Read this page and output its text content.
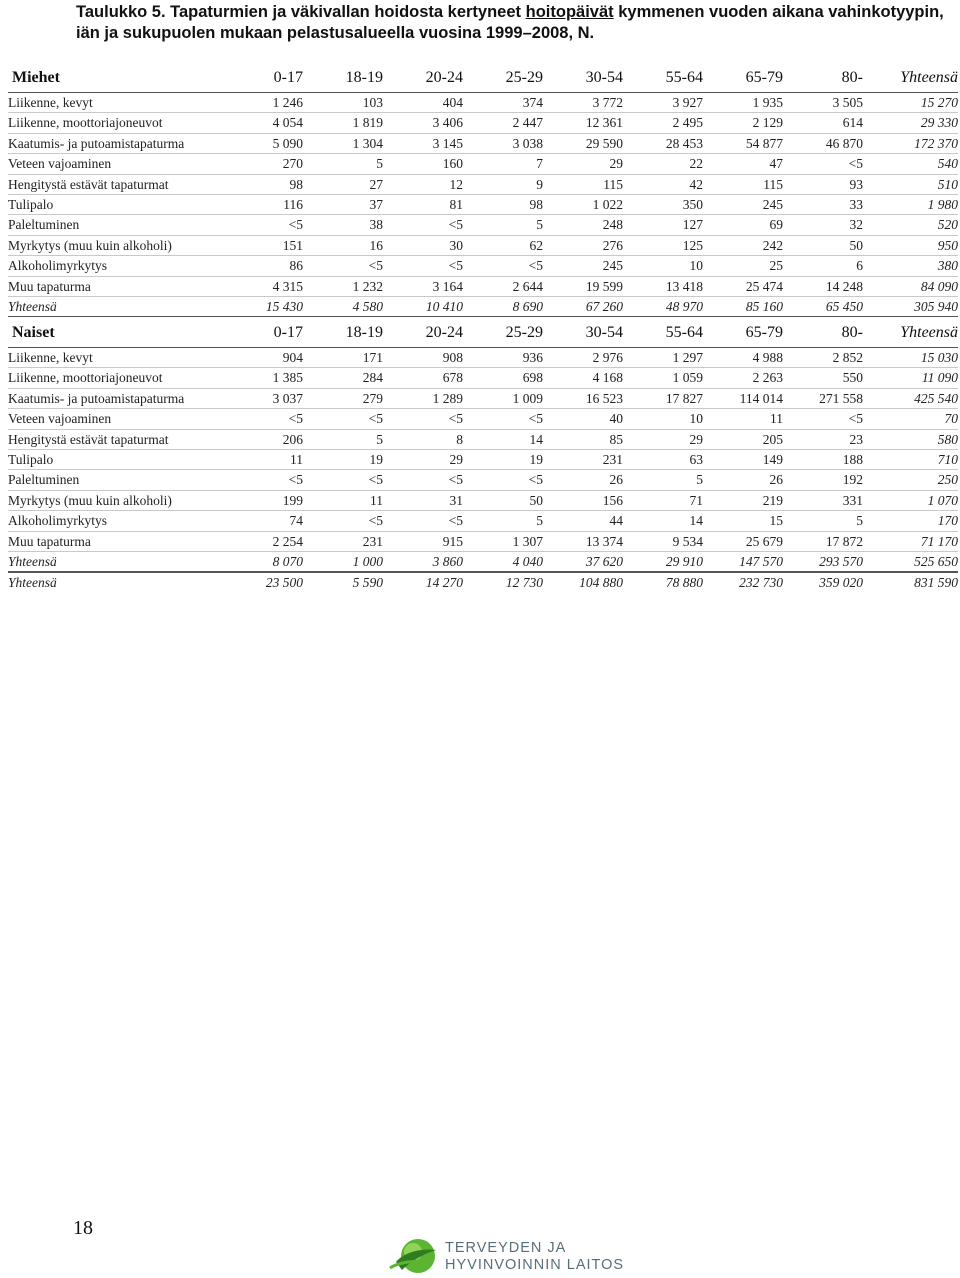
Taulukko 5. Tapaturmien ja väkivallan hoidosta kertyneet hoitopäivät kymmenen vuoden aikana vahinkotyypin, iän ja sukupuolen mukaan pelastusalueella vuosina 1999–2008, N.
Miehet	0-17	18-19	20-24	25-29	30-54	55-64	65-79	80-	Yhteensä
Liikenne, kevyt	1 246	103	404	374	3 772	3 927	1 935	3 505	15 270
Liikenne, moottoriajoneuvot	4 054	1 819	3 406	2 447	12 361	2 495	2 129	614	29 330
Kaatumis- ja putoamistapaturma	5 090	1 304	3 145	3 038	29 590	28 453	54 877	46 870	172 370
Veteen vajoaminen	270	5	160	7	29	22	47	<5	540
Hengitystä estävät tapaturmat	98	27	12	9	115	42	115	93	510
Tulipalo	116	37	81	98	1 022	350	245	33	1 980
Paleltuminen	<5	38	<5	5	248	127	69	32	520
Myrkytys (muu kuin alkoholi)	151	16	30	62	276	125	242	50	950
Alkoholimyrkytys	86	<5	<5	<5	245	10	25	6	380
Muu tapaturma	4 315	1 232	3 164	2 644	19 599	13 418	25 474	14 248	84 090
Yhteensä	15 430	4 580	10 410	8 690	67 260	48 970	85 160	65 450	305 940
Naiset	0-17	18-19	20-24	25-29	30-54	55-64	65-79	80-	Yhteensä
Liikenne, kevyt	904	171	908	936	2 976	1 297	4 988	2 852	15 030
Liikenne, moottoriajoneuvot	1 385	284	678	698	4 168	1 059	2 263	550	11 090
Kaatumis- ja putoamistapaturma	3 037	279	1 289	1 009	16 523	17 827	114 014	271 558	425 540
Veteen vajoaminen	<5	<5	<5	<5	40	10	11	<5	70
Hengitystä estävät tapaturmat	206	5	8	14	85	29	205	23	580
Tulipalo	11	19	29	19	231	63	149	188	710
Paleltuminen	<5	<5	<5	<5	26	5	26	192	250
Myrkytys (muu kuin alkoholi)	199	11	31	50	156	71	219	331	1 070
Alkoholimyrkytys	74	<5	<5	5	44	14	15	5	170
Muu tapaturma	2 254	231	915	1 307	13 374	9 534	25 679	17 872	71 170
Yhteensä	8 070	1 000	3 860	4 040	37 620	29 910	147 570	293 570	525 650
Yhteensä	23 500	5 590	14 270	12 730	104 880	78 880	232 730	359 020	831 590
18
TERVEYDEN JA
HYVINVOINNIN LAITOS
